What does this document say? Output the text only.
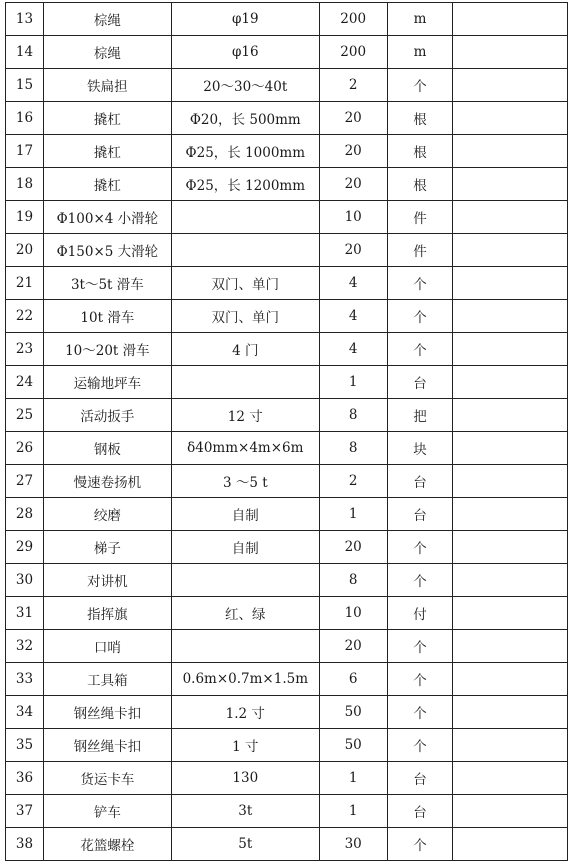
13	棕绳	φ19	200	m	
14	棕绳	φ16	200	m	
15	铁扁担	20～30～40t	2	个	
16	撬杠	Φ20，长 500mm	20	根	
17	撬杠	Φ25，长 1000mm	20	根	
18	撬杠	Φ25，长 1200mm	20	根	
19	Φ100×4 小滑轮		10	件	
20	Φ150×5 大滑轮		20	件	
21	3t～5t 滑车	双门、单门	4	个	
22	10t 滑车	双门、单门	4	个	
23	10～20t 滑车	4 门	4	个	
24	运输地坪车		1	台	
25	活动扳手	12 寸	8	把	
26	钢板	δ40mm×4m×6m	8	块	
27	慢速卷扬机	3 ～5 t	2	台	
28	绞磨	自制	1	台	
29	梯子	自制	20	个	
30	对讲机		8	个	
31	指挥旗	红、绿	10	付	
32	口哨		20	个	
33	工具箱	0.6m×0.7m×1.5m	6	个	
34	钢丝绳卡扣	1.2 寸	50	个	
35	钢丝绳卡扣	1 寸	50	个	
36	货运卡车	130	1	台	
37	铲车	3t	1	台	
38	花篮螺栓	5t	30	个	
